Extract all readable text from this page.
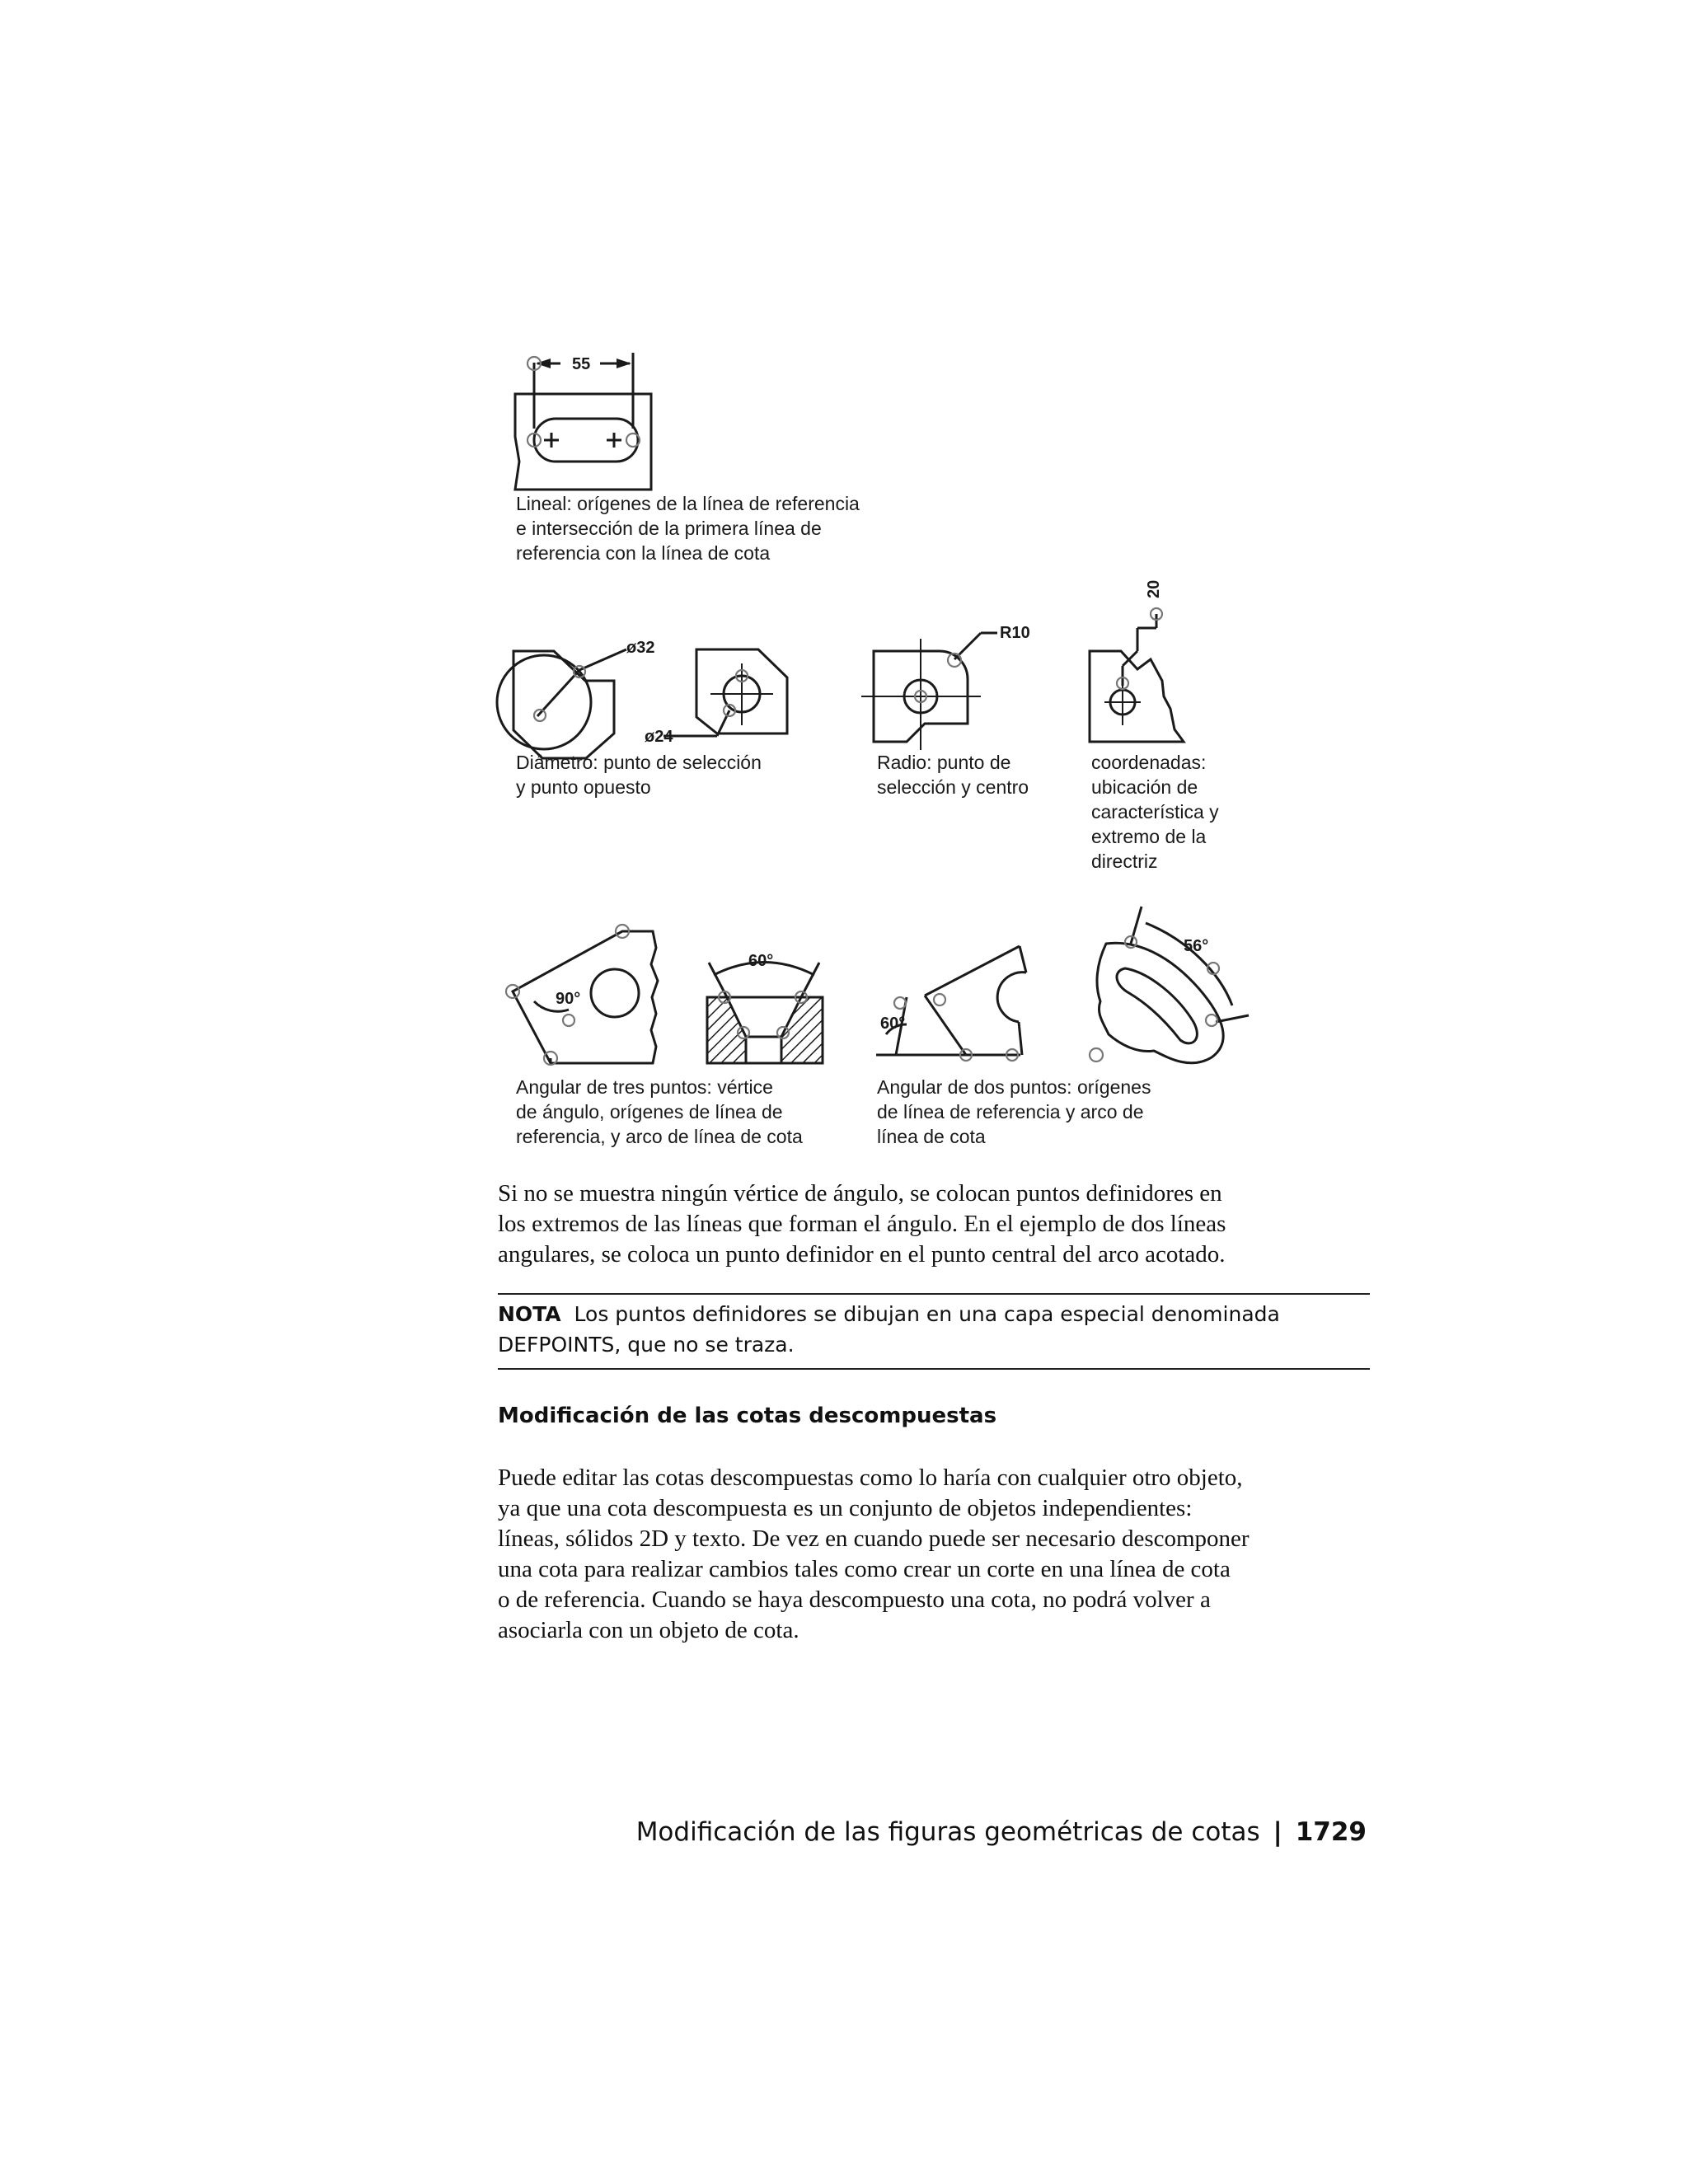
55
ø32
ø24
R10
20
90°
60°
60°
56°
Lineal: orígenes de la línea de referencia
e intersección de la primera línea de
referencia con la línea de cota
Diámetro: punto de selección
y punto opuesto
Radio: punto de
selección y centro
coordenadas:
ubicación de
característica y
extremo de la
directriz
Angular de tres puntos: vértice
de ángulo, orígenes de línea de
referencia, y arco de línea de cota
Angular de dos puntos: orígenes
de línea de referencia y arco de
línea de cota
Si no se muestra ningún vértice de ángulo, se colocan puntos definidores en
los extremos de las líneas que forman el ángulo. En el ejemplo de dos líneas
angulares, se coloca un punto definidor en el punto central del arco acotado.
NOTA Los puntos definidores se dibujan en una capa especial denominada
DEFPOINTS, que no se traza.
Modificación de las cotas descompuestas
Puede editar las cotas descompuestas como lo haría con cualquier otro objeto,
ya que una cota descompuesta es un conjunto de objetos independientes:
líneas, sólidos 2D y texto. De vez en cuando puede ser necesario descomponer
una cota para realizar cambios tales como crear un corte en una línea de cota
o de referencia. Cuando se haya descompuesto una cota, no podrá volver a
asociarla con un objeto de cota.
Modificación de las figuras geométricas de cotas | 1729
